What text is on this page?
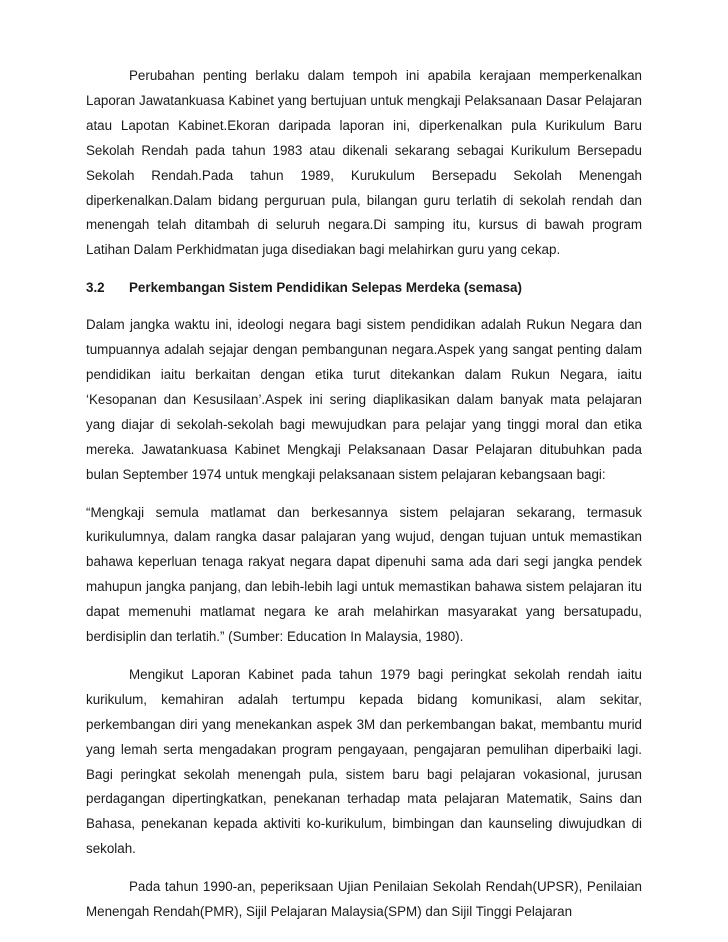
Perubahan penting berlaku dalam tempoh ini apabila kerajaan memperkenalkan Laporan Jawatankuasa Kabinet yang bertujuan untuk mengkaji Pelaksanaan Dasar Pelajaran atau Lapotan Kabinet.Ekoran daripada laporan ini, diperkenalkan pula Kurikulum Baru Sekolah Rendah pada tahun 1983 atau dikenali sekarang sebagai Kurikulum Bersepadu Sekolah Rendah.Pada tahun 1989, Kurukulum Bersepadu Sekolah Menengah diperkenalkan.Dalam bidang perguruan pula, bilangan guru terlatih di sekolah rendah dan menengah telah ditambah di seluruh negara.Di samping itu, kursus di bawah program Latihan Dalam Perkhidmatan juga disediakan bagi melahirkan guru yang cekap.

3.2	Perkembangan Sistem Pendidikan Selepas Merdeka (semasa)

Dalam jangka waktu ini, ideologi negara bagi sistem pendidikan adalah Rukun Negara dan tumpuannya adalah sejajar dengan pembangunan negara.Aspek yang sangat penting dalam pendidikan iaitu berkaitan dengan etika turut ditekankan dalam Rukun Negara, iaitu ‘Kesopanan dan Kesusilaan’.Aspek ini sering diaplikasikan dalam banyak mata pelajaran yang diajar di sekolah-sekolah bagi mewujudkan para pelajar yang tinggi moral dan etika mereka. Jawatankuasa Kabinet Mengkaji Pelaksanaan Dasar Pelajaran ditubuhkan pada bulan September 1974 untuk mengkaji pelaksanaan sistem pelajaran kebangsaan bagi:

“Mengkaji semula matlamat dan berkesannya sistem pelajaran sekarang, termasuk kurikulumnya, dalam rangka dasar palajaran yang wujud, dengan tujuan untuk memastikan bahawa keperluan tenaga rakyat negara dapat dipenuhi sama ada dari segi jangka pendek mahupun jangka panjang, dan lebih-lebih lagi untuk memastikan bahawa sistem pelajaran itu dapat memenuhi matlamat negara ke arah melahirkan masyarakat yang bersatupadu, berdisiplin dan terlatih.” (Sumber: Education In Malaysia, 1980).

Mengikut Laporan Kabinet pada tahun 1979 bagi peringkat sekolah rendah iaitu kurikulum, kemahiran adalah tertumpu kepada bidang komunikasi, alam sekitar, perkembangan diri yang menekankan aspek 3M dan perkembangan bakat, membantu murid yang lemah serta mengadakan program pengayaan, pengajaran pemulihan diperbaiki lagi. Bagi peringkat sekolah menengah pula, sistem baru bagi pelajaran vokasional, jurusan perdagangan dipertingkatkan, penekanan terhadap mata pelajaran Matematik, Sains dan Bahasa, penekanan kepada aktiviti ko-kurikulum, bimbingan dan kaunseling diwujudkan di sekolah.

Pada tahun 1990-an, peperiksaan Ujian Penilaian Sekolah Rendah(UPSR), Penilaian Menengah Rendah(PMR), Sijil Pelajaran Malaysia(SPM) dan Sijil Tinggi Pelajaran
